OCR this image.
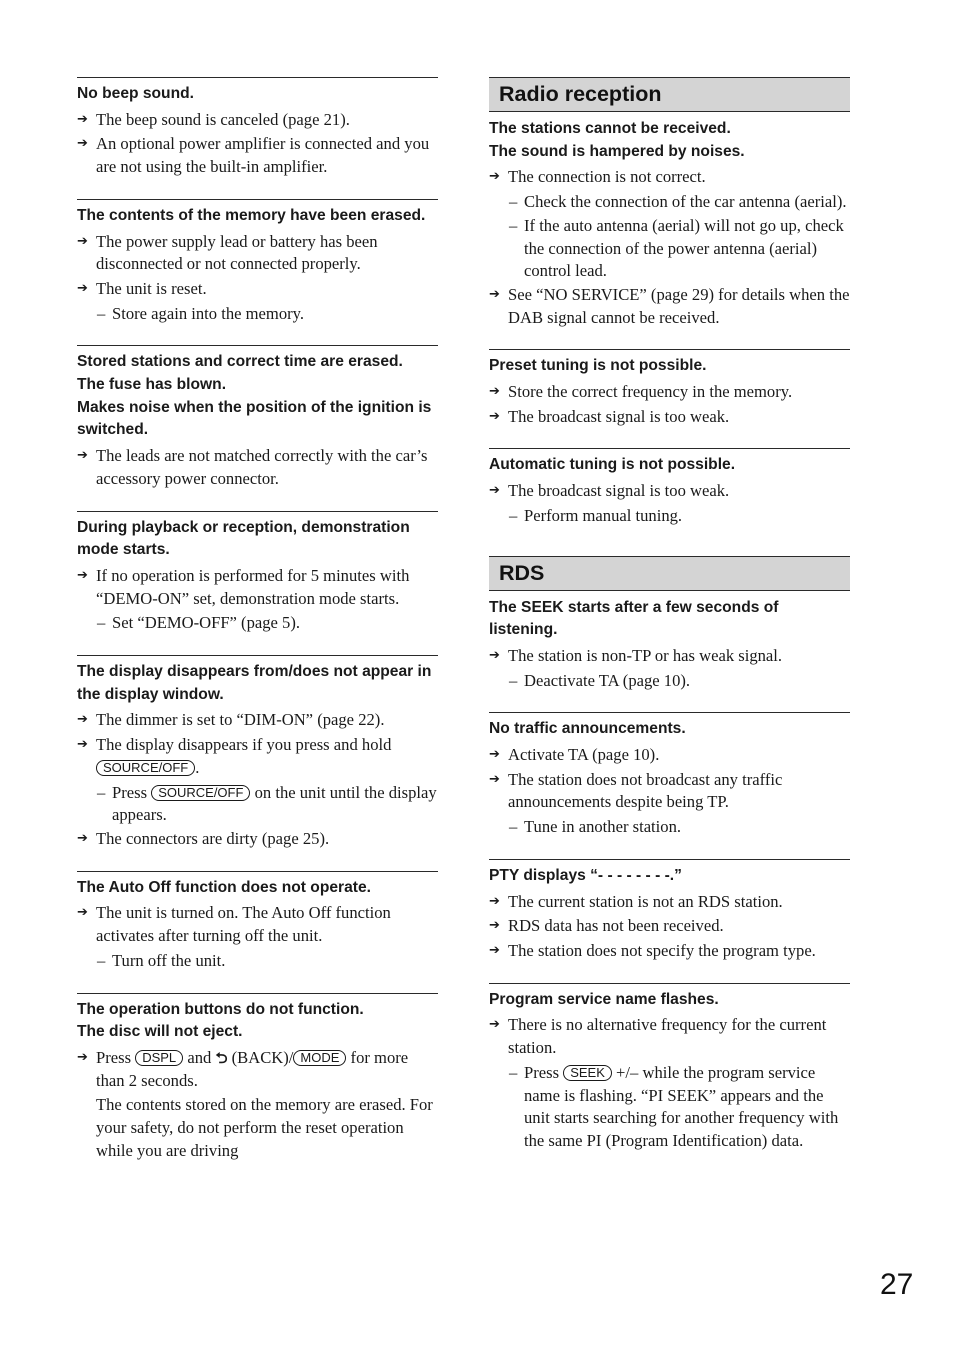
No beep sound.
➔ The beep sound is canceled (page 21).
➔ An optional power amplifier is connected and you are not using the built-in amplifier.
The contents of the memory have been erased.
➔ The power supply lead or battery has been disconnected or not connected properly.
➔ The unit is reset.
– Store again into the memory.
Stored stations and correct time are erased.
The fuse has blown.
Makes noise when the position of the ignition is switched.
➔ The leads are not matched correctly with the car’s accessory power connector.
During playback or reception, demonstration mode starts.
➔ If no operation is performed for 5 minutes with “DEMO-ON” set, demonstration mode starts.
– Set “DEMO-OFF” (page 5).
The display disappears from/does not appear in the display window.
➔ The dimmer is set to “DIM-ON” (page 22).
➔ The display disappears if you press and hold SOURCE/OFF .
– Press SOURCE/OFF on the unit until the display appears.
➔ The connectors are dirty (page 25).
The Auto Off function does not operate.
➔ The unit is turned on. The Auto Off function activates after turning off the unit.
– Turn off the unit.
The operation buttons do not function.
The disc will not eject.
➔ Press DSPL and ⮌ (BACK)/ MODE for more than 2 seconds.
The contents stored on the memory are erased. For your safety, do not perform the reset operation while you are driving
Radio reception
The stations cannot be received.
The sound is hampered by noises.
➔ The connection is not correct.
– Check the connection of the car antenna (aerial).
– If the auto antenna (aerial) will not go up, check the connection of the power antenna (aerial) control lead.
➔ See “NO SERVICE” (page 29) for details when the DAB signal cannot be received.
Preset tuning is not possible.
➔ Store the correct frequency in the memory.
➔ The broadcast signal is too weak.
Automatic tuning is not possible.
➔ The broadcast signal is too weak.
– Perform manual tuning.
RDS
The SEEK starts after a few seconds of listening.
➔ The station is non-TP or has weak signal.
– Deactivate TA (page 10).
No traffic announcements.
➔ Activate TA (page 10).
➔ The station does not broadcast any traffic announcements despite being TP.
– Tune in another station.
PTY displays “- - - - - - - -.”
➔ The current station is not an RDS station.
➔ RDS data has not been received.
➔ The station does not specify the program type.
Program service name flashes.
➔ There is no alternative frequency for the current station.
– Press SEEK +/– while the program service name is flashing. “PI SEEK” appears and the unit starts searching for another frequency with the same PI (Program Identification) data.
27
